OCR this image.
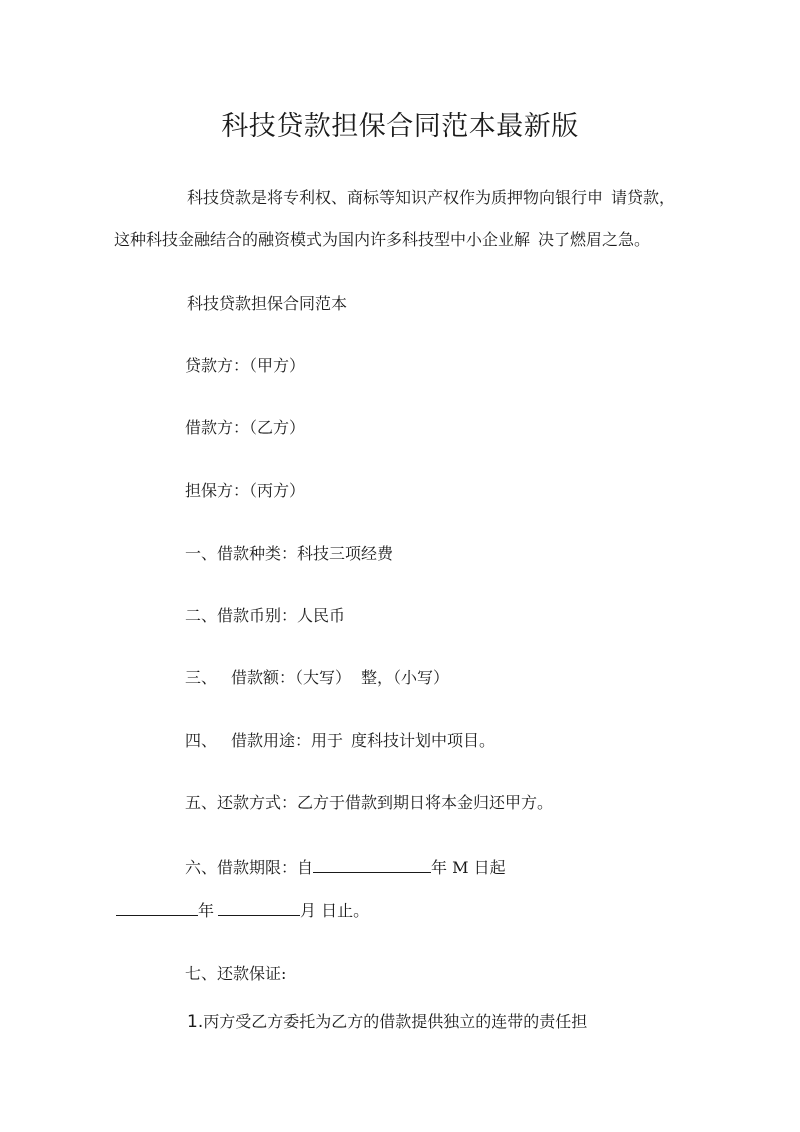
科技贷款担保合同范本最新版
科技贷款是将专利权、商标等知识产权作为质押物向银行申 请贷款，
这种科技金融结合的融资模式为国内许多科技型中小企业解 决了燃眉之急。
科技贷款担保合同范本
贷款方：（甲方）
借款方：（乙方）
担保方：（丙方）
一、借款种类：科技三项经费
二、借款币别：人民币
三、 借款额：（大写） 整，（小写）
四、 借款用途：用于 度科技计划中项目。
五、还款方式：乙方于借款到期日将本金归还甲方。
六、借款期限：自	年 M 日起
年	月 日止。
七、还款保证:
1.丙方受乙方委托为乙方的借款提供独立的连带的责任担
